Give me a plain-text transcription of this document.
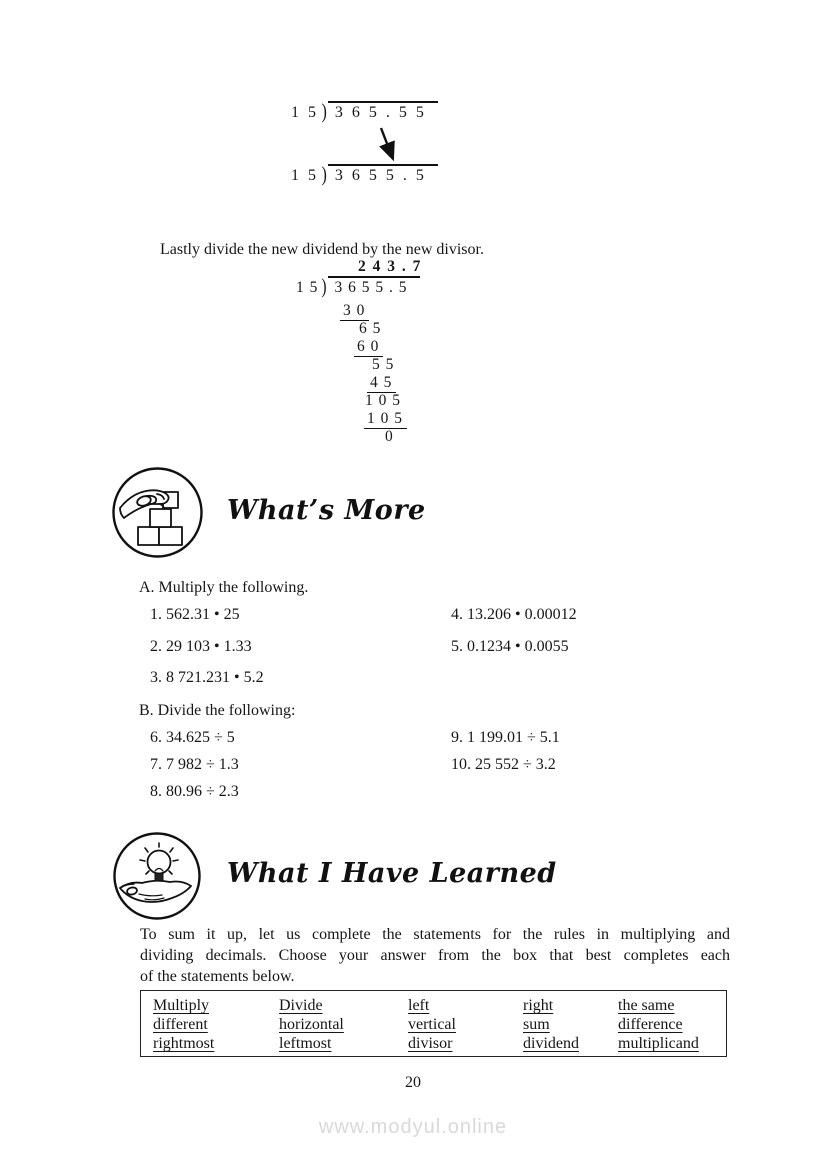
1 5 ) 3 6 5 . 5 5
1 5 ) 3 6 5 5 . 5
Lastly divide the new dividend by the new divisor.
2 4 3 . 7
1 5 ) 3 6 5 5 . 5
3 0
6 5
6 0
5 5
4 5
1 0 5
1 0 5
0
What’s More
A. Multiply the following.
1. 562.31 • 25
2. 29 103 • 1.33
3. 8 721.231 • 5.2
4. 13.206 • 0.00012
5. 0.1234 • 0.0055
B. Divide the following:
6. 34.625 ÷ 5
7. 7 982 ÷ 1.3
8. 80.96 ÷ 2.3
9. 1 199.01 ÷ 5.1
10. 25 552 ÷ 3.2
What I Have Learned
To sum it up, let us complete the statements for the rules in multiplying and
dividing decimals. Choose your answer from the box that best completes each
of the statements below.
Multiply	Divide	left	right	the same
different	horizontal	vertical	sum	difference
rightmost	leftmost	divisor	dividend multiplicand
20
www.modyul.online
